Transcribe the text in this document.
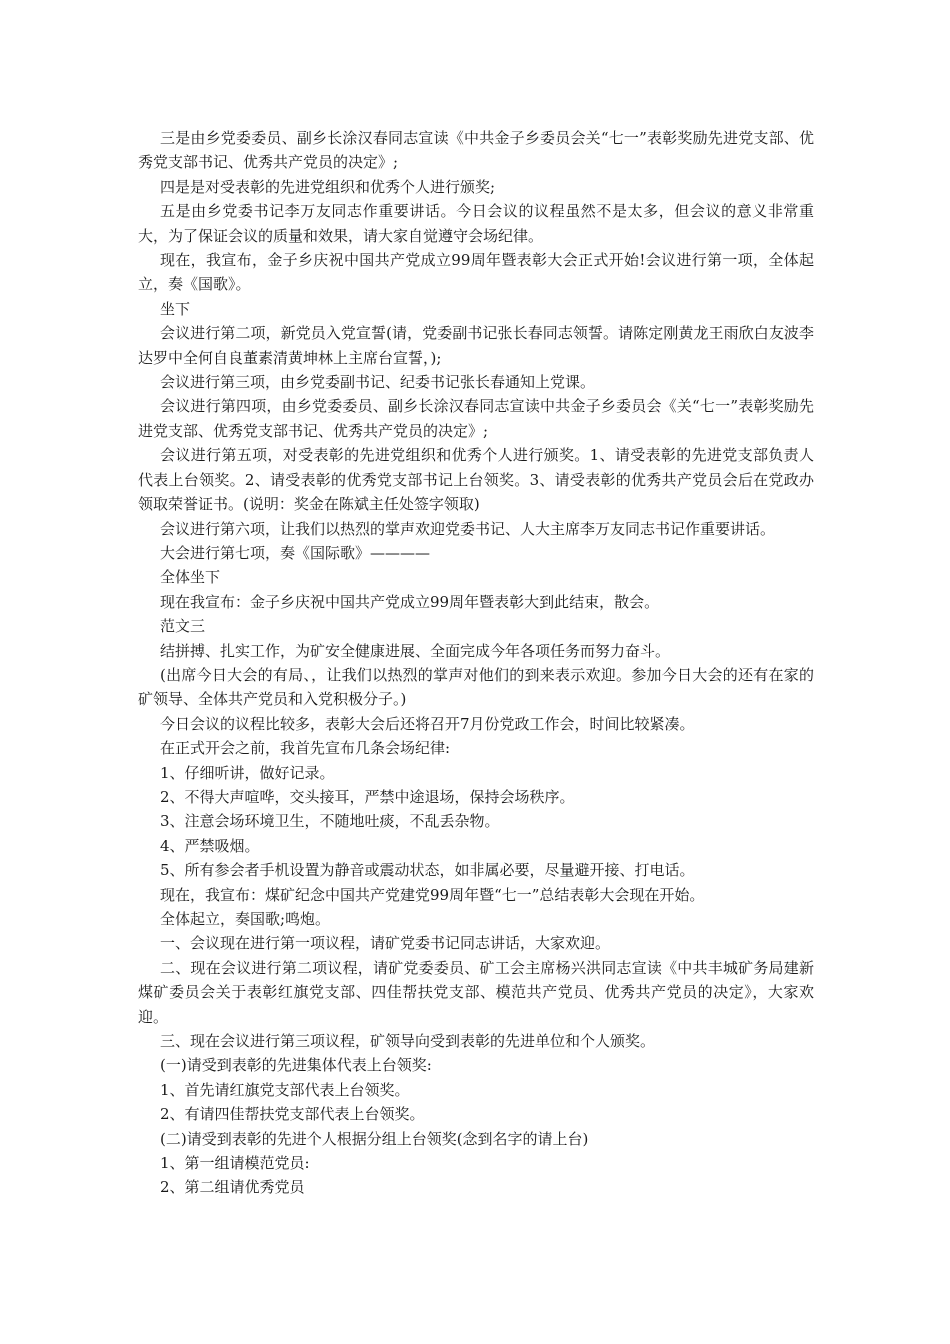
三是由乡党委委员、副乡长涂汉春同志宣读《中共金子乡委员会关“七一”表彰奖励先进党支部、优秀党支部书记、优秀共产党员的决定》;

四是是对受表彰的先进党组织和优秀个人进行颁奖;

五是由乡党委书记李万友同志作重要讲话。今日会议的议程虽然不是太多，但会议的意义非常重大，为了保证会议的质量和效果，请大家自觉遵守会场纪律。

现在，我宣布，金子乡庆祝中国共产党成立99周年暨表彰大会正式开始!会议进行第一项，全体起立，奏《国歌》。

坐下

会议进行第二项，新党员入党宣誓(请，党委副书记张长春同志领誓。请陈定刚黄龙王雨欣白友波李达罗中全何自良董素清黄坤林上主席台宣誓，);

会议进行第三项，由乡党委副书记、纪委书记张长春通知上党课。

会议进行第四项，由乡党委委员、副乡长涂汉春同志宣读中共金子乡委员会《关“七一”表彰奖励先进党支部、优秀党支部书记、优秀共产党员的决定》;

会议进行第五项，对受表彰的先进党组织和优秀个人进行颁奖。1、请受表彰的先进党支部负责人代表上台领奖。2、请受表彰的优秀党支部书记上台领奖。3、请受表彰的优秀共产党员会后在党政办领取荣誉证书。(说明：奖金在陈斌主任处签字领取)

会议进行第六项，让我们以热烈的掌声欢迎党委书记、人大主席李万友同志书记作重要讲话。

大会进行第七项，奏《国际歌》————

全体坐下

现在我宣布：金子乡庆祝中国共产党成立99周年暨表彰大到此结束，散会。

范文三

结拼搏、扎实工作，为矿安全健康进展、全面完成今年各项任务而努力奋斗。

(出席今日大会的有局、，让我们以热烈的掌声对他们的到来表示欢迎。参加今日大会的还有在家的矿领导、全体共产党员和入党积极分子。)

今日会议的议程比较多，表彰大会后还将召开7月份党政工作会，时间比较紧凑。

在正式开会之前，我首先宣布几条会场纪律:

1、仔细听讲，做好记录。

2、不得大声喧哗，交头接耳，严禁中途退场，保持会场秩序。

3、注意会场环境卫生，不随地吐痰，不乱丢杂物。

4、严禁吸烟。

5、所有参会者手机设置为静音或震动状态，如非属必要，尽量避开接、打电话。

现在，我宣布：煤矿纪念中国共产党建党99周年暨“七一”总结表彰大会现在开始。

全体起立，奏国歌;鸣炮。

一、会议现在进行第一项议程，请矿党委书记同志讲话，大家欢迎。

二、现在会议进行第二项议程，请矿党委委员、矿工会主席杨兴洪同志宣读《中共丰城矿务局建新煤矿委员会关于表彰红旗党支部、四佳帮扶党支部、模范共产党员、优秀共产党员的决定》，大家欢迎。

三、现在会议进行第三项议程，矿领导向受到表彰的先进单位和个人颁奖。

(一)请受到表彰的先进集体代表上台领奖:

1、首先请红旗党支部代表上台领奖。

2、有请四佳帮扶党支部代表上台领奖。

(二)请受到表彰的先进个人根据分组上台领奖(念到名字的请上台)

1、第一组请模范党员:

2、第二组请优秀党员
